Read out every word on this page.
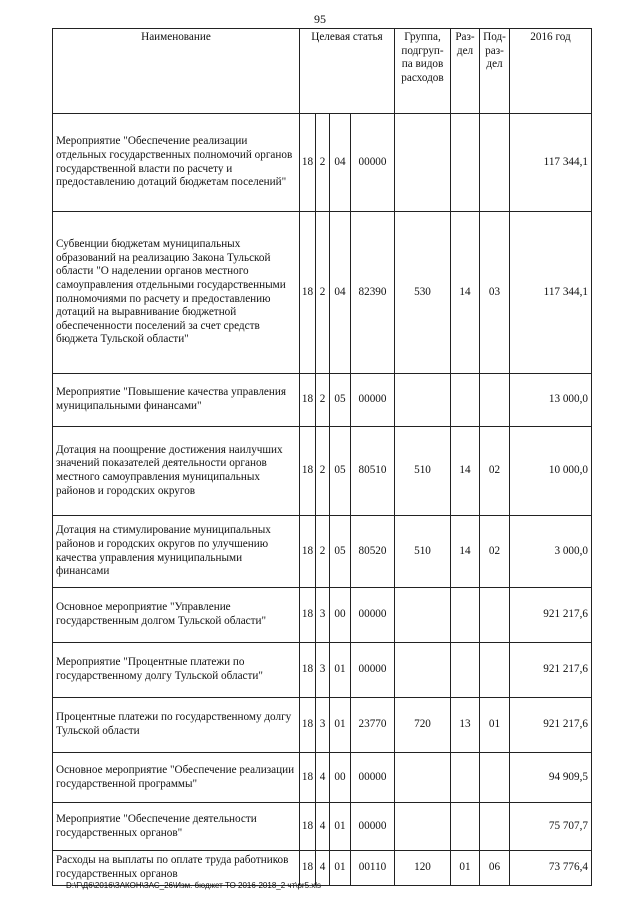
95
Наименование	Целевая статья				Группа, подгруп- па видов расходов	Раз- дел	Под- раз- дел	2016 год
Мероприятие "Обеспечение реализации отдельных государственных полномочий органов государственной власти по расчету и предоставлению дотаций бюджетам поселений"	18	2	04	00000				117 344,1
Субвенции бюджетам муниципальных образований на реализацию Закона Тульской области "О наделении органов местного самоуправления отдельными государственными полномочиями по расчету и предоставлению дотаций на выравнивание бюджетной обеспеченности поселений за счет средств бюджета Тульской области"	18	2	04	82390	530	14	03	117 344,1
Мероприятие "Повышение качества управления муниципальными финансами"	18	2	05	00000				13 000,0
Дотация на поощрение достижения наилучших значений показателей деятельности органов местного самоуправления муниципальных районов и городских округов	18	2	05	80510	510	14	02	10 000,0
Дотация на стимулирование муниципальных районов и городских округов по улучшению качества управления муниципальными финансами	18	2	05	80520	510	14	02	3 000,0
Основное мероприятие "Управление государственным долгом Тульской области"	18	3	00	00000				921 217,6
Мероприятие "Процентные платежи по государственному долгу Тульской области"	18	3	01	00000				921 217,6
Процентные платежи по государственному долгу Тульской области	18	3	01	23770	720	13	01	921 217,6
Основное мероприятие "Обеспечение реализации государственной программы"	18	4	00	00000				94 909,5
Мероприятие "Обеспечение деятельности государственных органов"	18	4	01	00000				75 707,7
Расходы на выплаты по оплате труда работников государственных органов	18	4	01	00110	120	01	06	73 776,4
D:\Г\Д6\2016\ЗАКОН\ЗАС_26\Изм. бюджет ТО 2016-2018_2 чт\pr5.xls
